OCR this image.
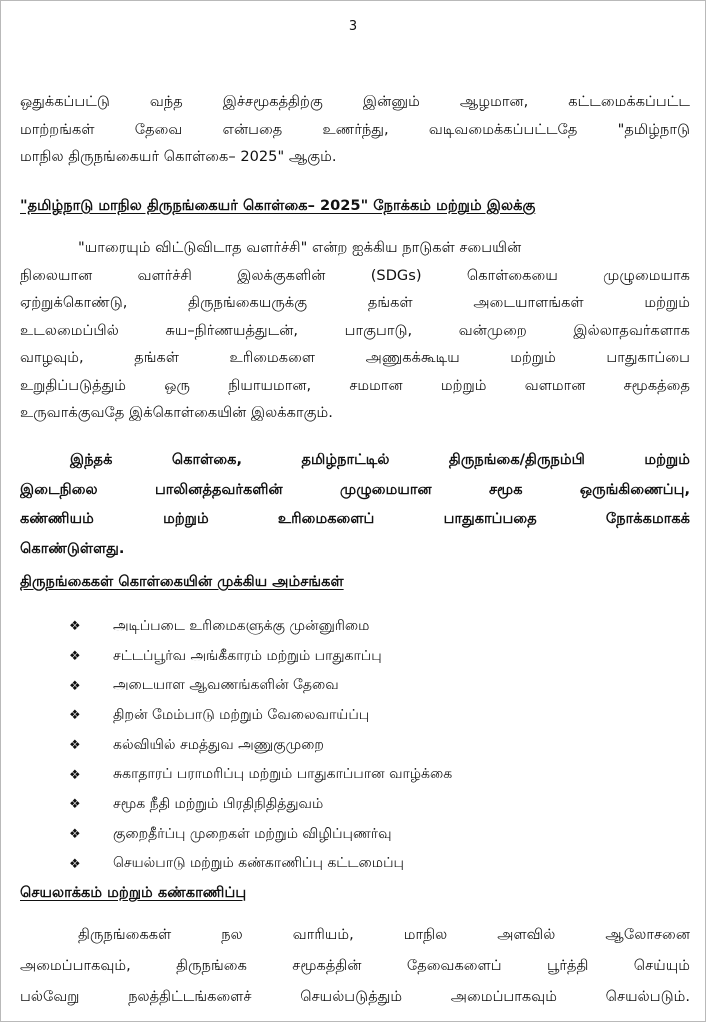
3
ஒதுக்கப்பட்டு வந்த இச்சமூகத்திற்கு இன்னும் ஆழமான, கட்டமைக்கப்பட்ட
மாற்றங்கள் தேவை என்பதை உணர்ந்து, வடிவமைக்கப்பட்டதே "தமிழ்நாடு
மாநில திருநங்கையர் கொள்கை– 2025" ஆகும்.
"தமிழ்நாடு மாநில திருநங்கையர் கொள்கை– 2025" நோக்கம் மற்றும் இலக்கு
"யாரையும் விட்டுவிடாத வளர்ச்சி" என்ற ஐக்கிய நாடுகள் சபையின்
நிலையான வளர்ச்சி இலக்குகளின் (SDGs) கொள்கையை முழுமையாக
ஏற்றுக்கொண்டு, திருநங்கையருக்கு தங்கள் அடையாளங்கள் மற்றும்
உடலமைப்பில் சுய–நிர்ணயத்துடன், பாகுபாடு, வன்முறை இல்லாதவர்களாக
வாழவும், தங்கள் உரிமைகளை அணுகக்கூடிய மற்றும் பாதுகாப்பை
உறுதிப்படுத்தும் ஒரு நியாயமான, சமமான மற்றும் வளமான சமூகத்தை
உருவாக்குவதே இக்கொள்கையின் இலக்காகும்.
இந்தக் கொள்கை, தமிழ்நாட்டில் திருநங்கை/திருநம்பி மற்றும்
இடைநிலை பாலினத்தவர்களின் முழுமையான சமூக ஒருங்கிணைப்பு,
கண்ணியம் மற்றும் உரிமைகளைப் பாதுகாப்பதை நோக்கமாகக்
கொண்டுள்ளது.
திருநங்கைகள் கொள்கையின் முக்கிய அம்சங்கள்
❖	அடிப்படை உரிமைகளுக்கு முன்னுரிமை
❖	சட்டப்பூர்வ அங்கீகாரம் மற்றும் பாதுகாப்பு
❖	அடையாள ஆவணங்களின் தேவை
❖	திறன் மேம்பாடு மற்றும் வேலைவாய்ப்பு
❖	கல்வியில் சமத்துவ அணுகுமுறை
❖	சுகாதாரப் பராமரிப்பு மற்றும் பாதுகாப்பான வாழ்க்கை
❖	சமூக நீதி மற்றும் பிரதிநிதித்துவம்
❖	குறைதீர்ப்பு முறைகள் மற்றும் விழிப்புணர்வு
❖	செயல்பாடு மற்றும் கண்காணிப்பு கட்டமைப்பு
செயலாக்கம் மற்றும் கண்காணிப்பு
திருநங்கைகள் நல வாரியம், மாநில அளவில் ஆலோசனை
அமைப்பாகவும், திருநங்கை சமூகத்தின் தேவைகளைப் பூர்த்தி செய்யும்
பல்வேறு நலத்திட்டங்களைச் செயல்படுத்தும் அமைப்பாகவும் செயல்படும்.
